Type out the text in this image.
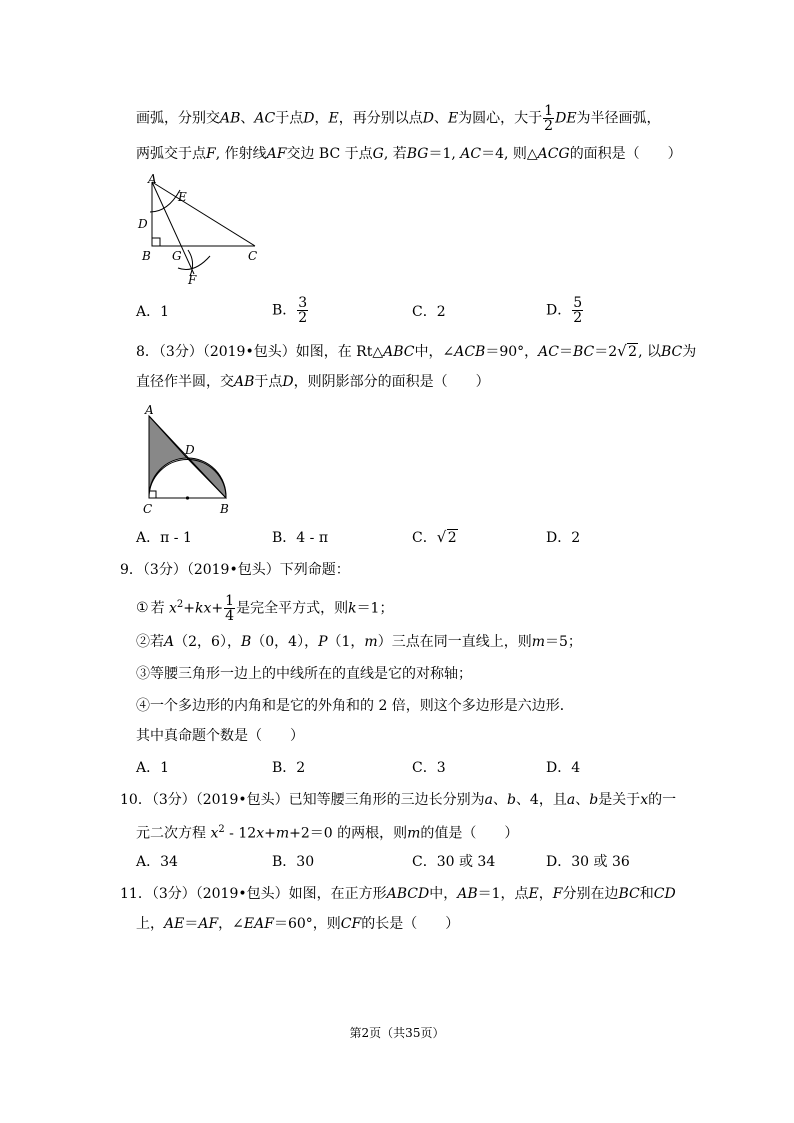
画弧，分别交AB、AC于点D，E，再分别以点D、E为圆心，大于 $\frac{1}{2}$ DE为半径画弧，
两弧交于点F, 作射线AF交边 BC 于点G, 若BG＝1, AC＝4, 则△ACG的面积是（　　）
A
E
D
B G	C
F
A．1	B． $\frac{3}{2}$	C．2	D． $\frac{5}{2}$
8．（3分）（2019•包头）如图，在 Rt△ABC中，∠ACB＝90°，AC＝BC＝2 √ 2, 以BC为
直径作半圆，交AB于点D，则阴影部分的面积是（　　）
A
D
C	B
A．π - 1	B．4 - π	C． √ 2	D．2
9．（3分）（2019•包头）下列命题：
① 若 $x^2+kx+ \frac{1}{4}$ 是完全平方式，则k＝1；
②若A（2，6），B（0，4），P（1，m）三点在同一直线上，则m＝5；
③等腰三角形一边上的中线所在的直线是它的对称轴；
④一个多边形的内角和是它的外角和的 2 倍，则这个多边形是六边形．
其中真命题个数是（　　）
A．1	B．2	C．3	D．4
10．（3分）（2019•包头）已知等腰三角形的三边长分别为a、b、4，且a、b是关于x的一
元二次方程 $x^2 - 12x+m+2=0$ 的两根，则m的值是（　　）
A．34	B．30	C．30 或 34	D．30 或 36
11．（3分）（2019•包头）如图，在正方形ABCD中，AB＝1，点E，F分别在边BC和CD
上，AE＝AF，∠EAF＝60°，则CF的长是（　　）
第2页（共35页）
